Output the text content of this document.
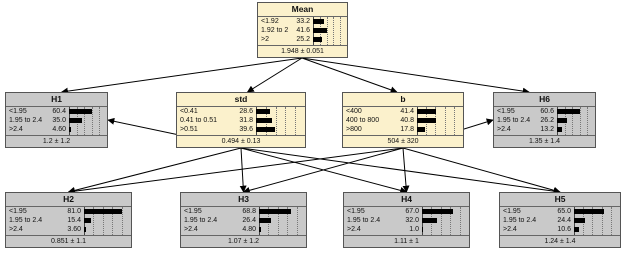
Mean
<1.92	33.2
1.92 to 2 41.6
>2	25.2
1.948 ± 0.051
H1
<1.95	60.4
1.95 to 2.4 35.0
>2.4	4.60
1.2 ± 1.2
std
<0.41	28.6
0.41 to 0.51	31.8
>0.51	39.6
0.494 ± 0.13
b
<400	41.4
400 to 800	40.8
>800	17.8
504 ± 320
H6
<1.95	60.6
1.95 to 2.4 26.2
>2.4	13.2
1.35 ± 1.4
H2
<1.95	81.0
1.95 to 2.4	15.4
>2.4	3.60
0.851 ± 1.1
H3
<1.95	68.8
1.95 to 2.4	26.4
>2.4	4.80
1.07 ± 1.2
H4
<1.95	67.0
1.95 to 2.4	32.0
>2.4	1.0
1.11 ± 1
H5
<1.95	65.0
1.95 to 2.4	24.4
>2.4	10.6
1.24 ± 1.4
